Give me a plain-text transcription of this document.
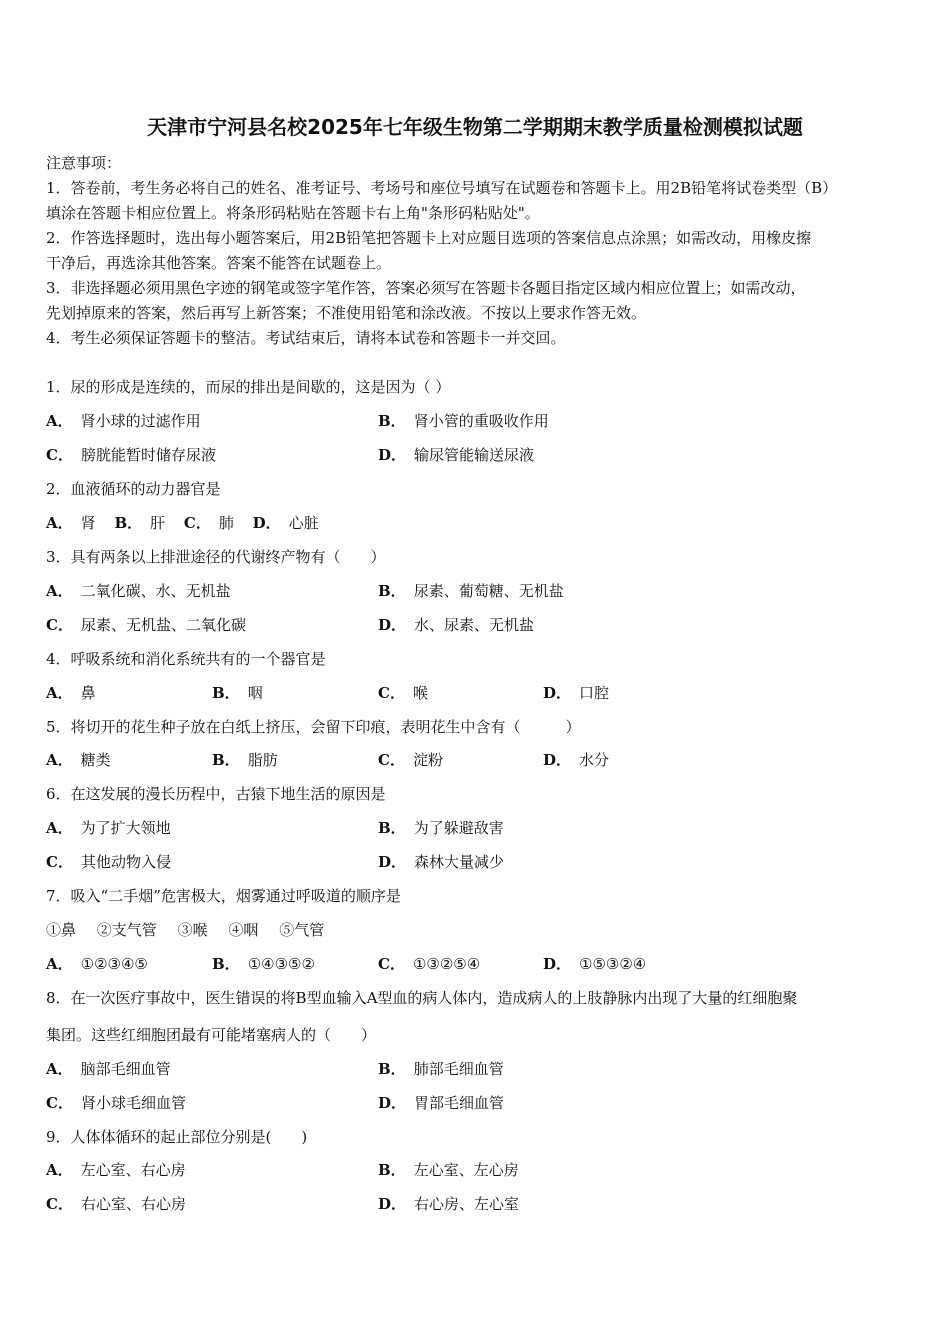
天津市宁河县名校2025年七年级生物第二学期期末教学质量检测模拟试题
注意事项：
1．答卷前，考生务必将自己的姓名、准考证号、考场号和座位号填写在试题卷和答题卡上。用2B铅笔将试卷类型（B）
填涂在答题卡相应位置上。将条形码粘贴在答题卡右上角"条形码粘贴处"。
2．作答选择题时，选出每小题答案后，用2B铅笔把答题卡上对应题目选项的答案信息点涂黑；如需改动，用橡皮擦
干净后，再选涂其他答案。答案不能答在试题卷上。
3．非选择题必须用黑色字迹的钢笔或签字笔作答，答案必须写在答题卡各题目指定区域内相应位置上；如需改动，
先划掉原来的答案，然后再写上新答案；不准使用铅笔和涂改液。不按以上要求作答无效。
4．考生必须保证答题卡的整洁。考试结束后，请将本试卷和答题卡一并交回。
1．尿的形成是连续的，而尿的排出是间歇的，这是因为（ ）
A． 肾小球的过滤作用	B． 肾小管的重吸收作用
C． 膀胱能暂时储存尿液	D． 输尿管能输送尿液
2．血液循环的动力器官是
A． 肾 B． 肝 C． 肺 D． 心脏
3．具有两条以上排泄途径的代谢终产物有（　　）
A． 二氧化碳、水、无机盐	B． 尿素、葡萄糖、无机盐
C． 尿素、无机盐、二氧化碳	D． 水、尿素、无机盐
4．呼吸系统和消化系统共有的一个器官是
A． 鼻	B． 咽	C． 喉	D． 口腔
5．将切开的花生种子放在白纸上挤压，会留下印痕，表明花生中含有（　　　）
A． 糖类	B． 脂肪	C． 淀粉	D． 水分
6．在这发展的漫长历程中，古猿下地生活的原因是
A． 为了扩大领地	B． 为了躲避敌害
C． 其他动物入侵	D． 森林大量减少
7．吸入“二手烟”危害极大，烟雾通过呼吸道的顺序是
①鼻 ②支气管 ③喉 ④咽 ⑤气管
A． ①②③④⑤	B． ①④③⑤②	C． ①③②⑤④	D． ①⑤③②④
8．在一次医疗事故中，医生错误的将B型血输入A型血的病人体内，造成病人的上肢静脉内出现了大量的红细胞聚
集团。这些红细胞团最有可能堵塞病人的（　　）
A． 脑部毛细血管	B． 肺部毛细血管
C． 肾小球毛细血管	D． 胃部毛细血管
9．人体体循环的起止部位分别是(　　)
A． 左心室、右心房	B． 左心室、左心房
C． 右心室、右心房	D． 右心房、左心室
